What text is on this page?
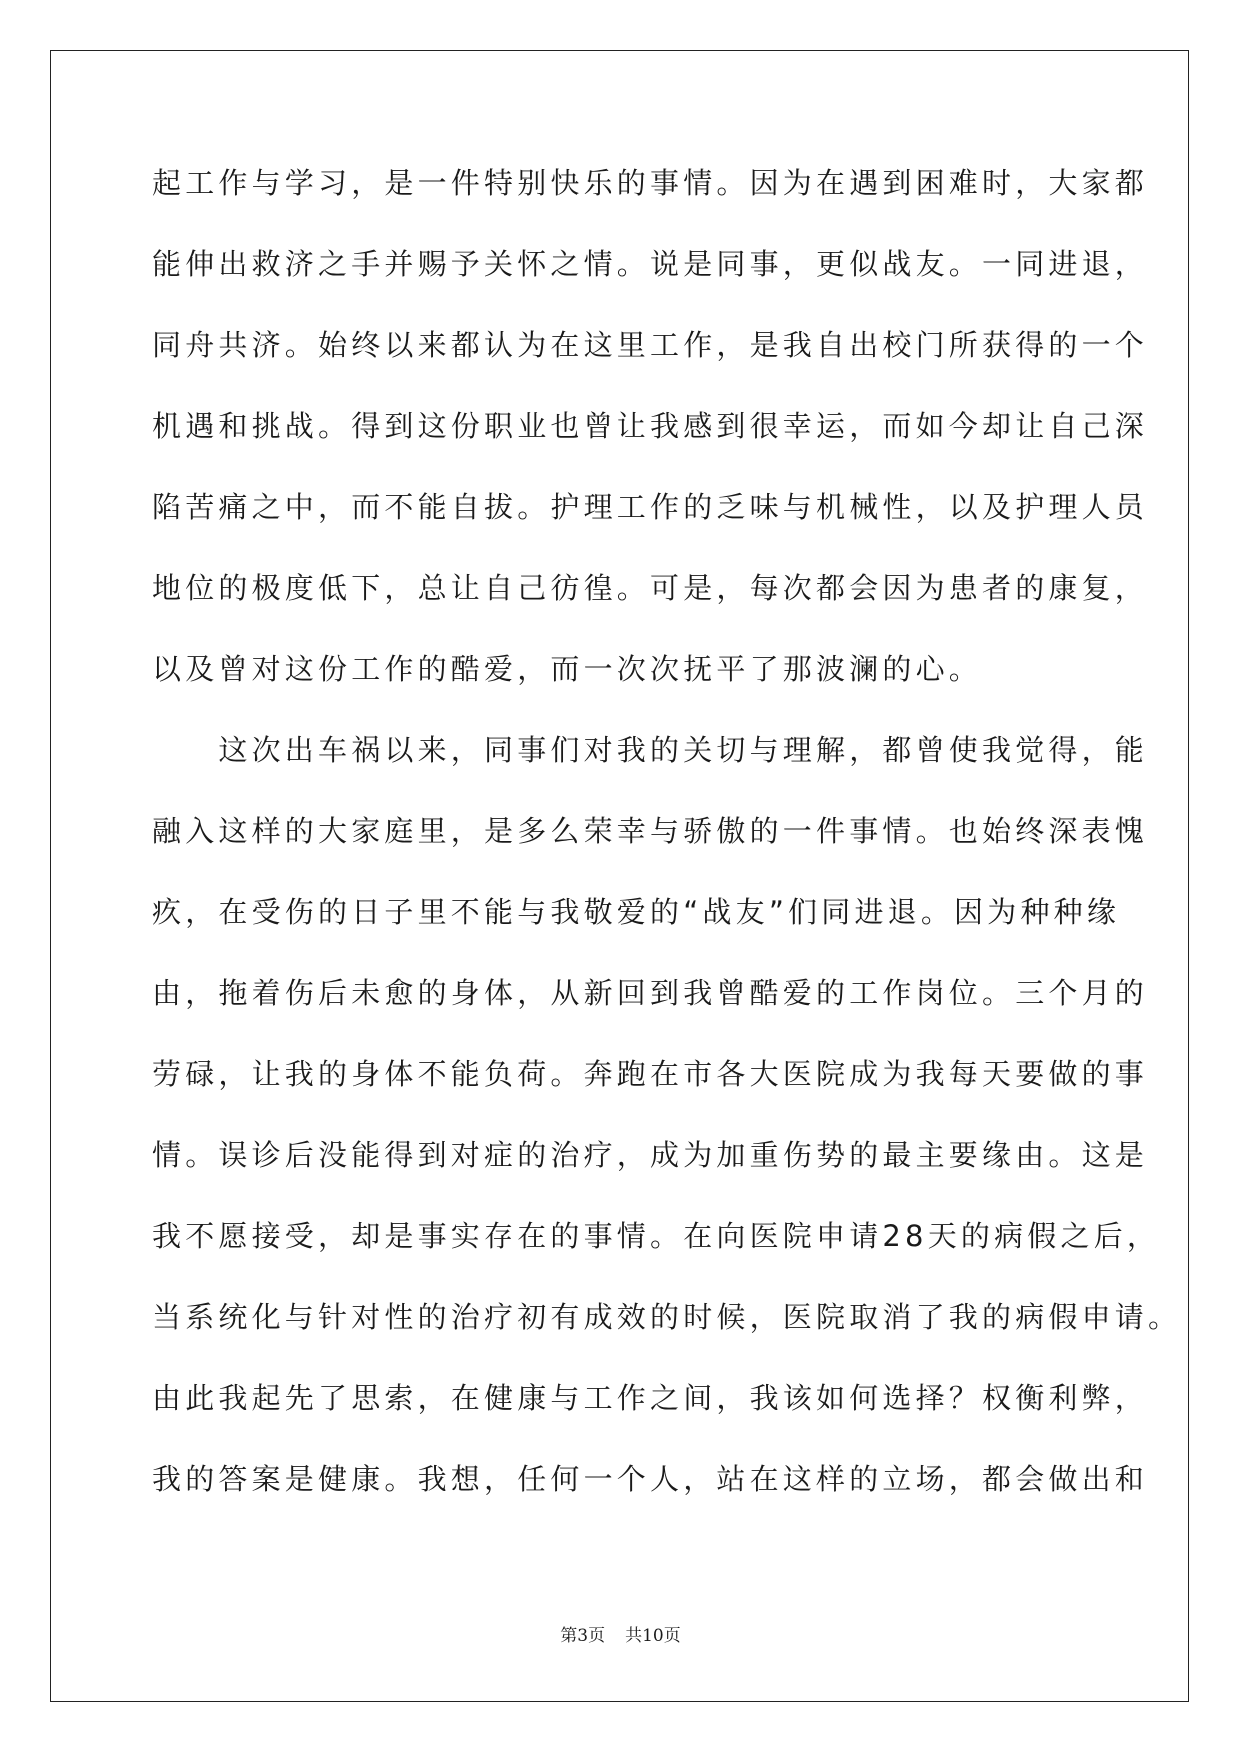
起工作与学习，是一件特别快乐的事情。因为在遇到困难时，大家都
能伸出救济之手并赐予关怀之情。说是同事，更似战友。一同进退，
同舟共济。始终以来都认为在这里工作，是我自出校门所获得的一个
机遇和挑战。得到这份职业也曾让我感到很幸运，而如今却让自己深
陷苦痛之中，而不能自拔。护理工作的乏味与机械性，以及护理人员
地位的极度低下，总让自己彷徨。可是，每次都会因为患者的康复，
以及曾对这份工作的酷爱，而一次次抚平了那波澜的心。
　　这次出车祸以来，同事们对我的关切与理解，都曾使我觉得，能
融入这样的大家庭里，是多么荣幸与骄傲的一件事情。也始终深表愧
疚，在受伤的日子里不能与我敬爱的“战友”们同进退。因为种种缘
由，拖着伤后未愈的身体，从新回到我曾酷爱的工作岗位。三个月的
劳碌，让我的身体不能负荷。奔跑在市各大医院成为我每天要做的事
情。误诊后没能得到对症的治疗，成为加重伤势的最主要缘由。这是
我不愿接受，却是事实存在的事情。在向医院申请28天的病假之后，
当系统化与针对性的治疗初有成效的时候，医院取消了我的病假申请。
由此我起先了思索，在健康与工作之间，我该如何选择？权衡利弊，
我的答案是健康。我想，任何一个人，站在这样的立场，都会做出和
第3页 共10页
